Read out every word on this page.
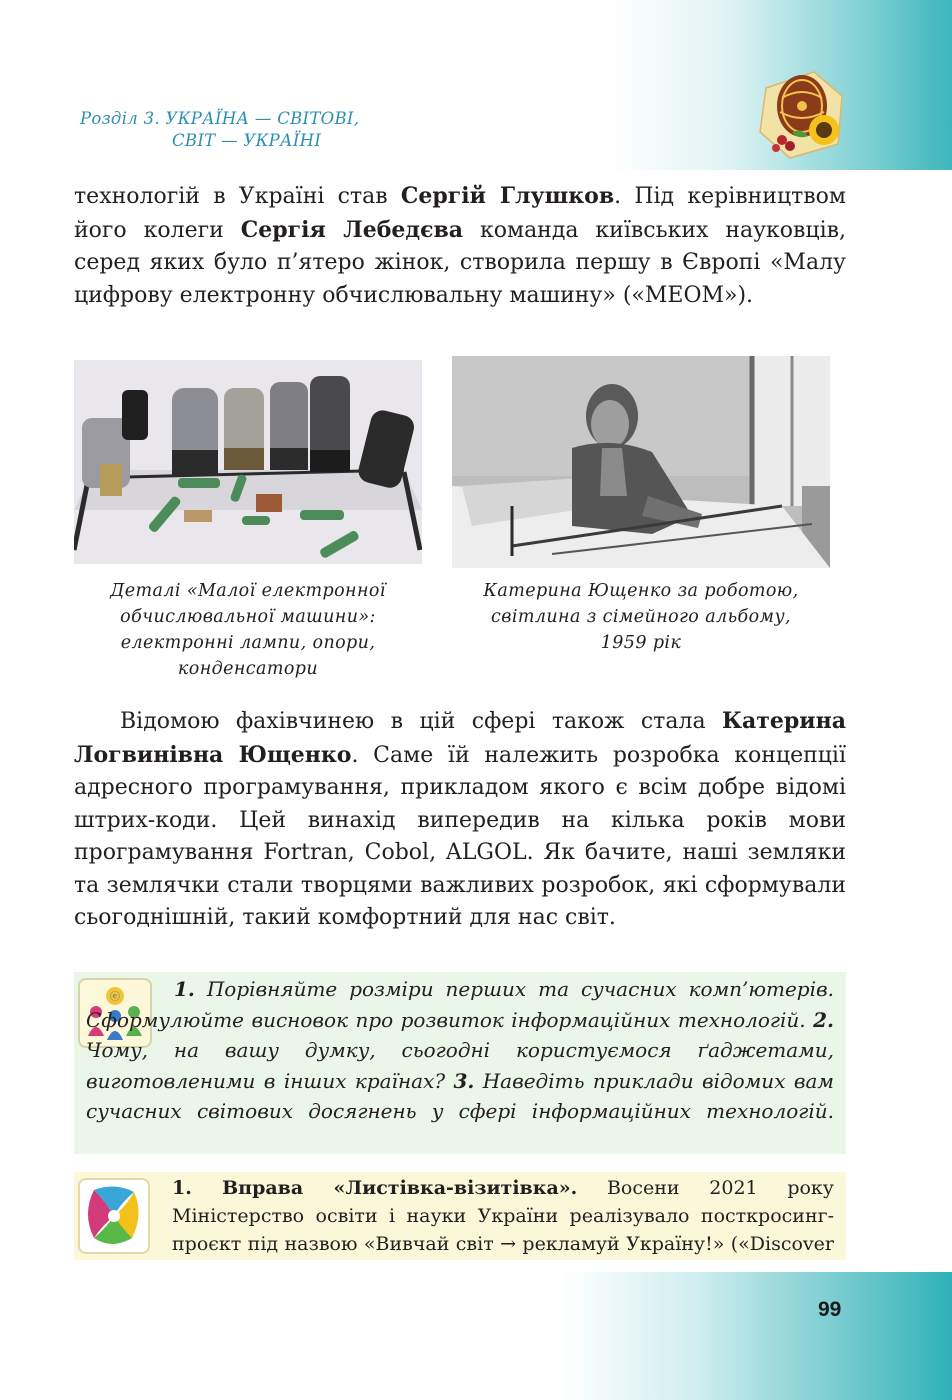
Розділ 3. УКРАЇНА — СВІТОВІ,
СВІТ — УКРАЇНІ
технологій в Україні став Сергій Глушков. Під керівництвом його колеги Сергія Лебедєва команда київських науковців, серед яких було п’ятеро жінок, створила першу в Європі «Малу цифрову електронну обчислювальну машину» («МЕОМ»).
Деталі «Малої електронної
обчислювальної машини»:
електронні лампи, опори,
конденсатори
Катерина Ющенко за роботою,
світлина з сімейного альбому,
1959 рік
Відомою фахівчинею в цій сфері також стала Катерина Логвинівна Ющенко. Саме їй належить розробка концепції адресного програмування, прикладом якого є всім добре відомі штрих-коди. Цей винахід випередив на кілька років мови програмування Fortran, Cobol, ALGOL. Як бачите, наші земляки та землячки стали творцями важливих розробок, які сформували сьогоднішній, такий комфортний для нас світ.
ⓔ	1. Порівняйте розміри перших та сучасних комп’ютерів. Сформулюйте висновок про розвиток інформаційних технологій. 2. Чому, на вашу думку, сьогодні користуємося ґаджетами, виготовленими в інших країнах? 3. Наведіть приклади відомих вам сучасних світових досягнень у сфері інформаційних технологій.
1. Вправа «Листівка-візитівка». Восени 2021 року Міністерство освіти і науки України реалізувало посткросинг-проєкт під назвою «Вивчай світ → рекламуй Україну!» («Discover
99
